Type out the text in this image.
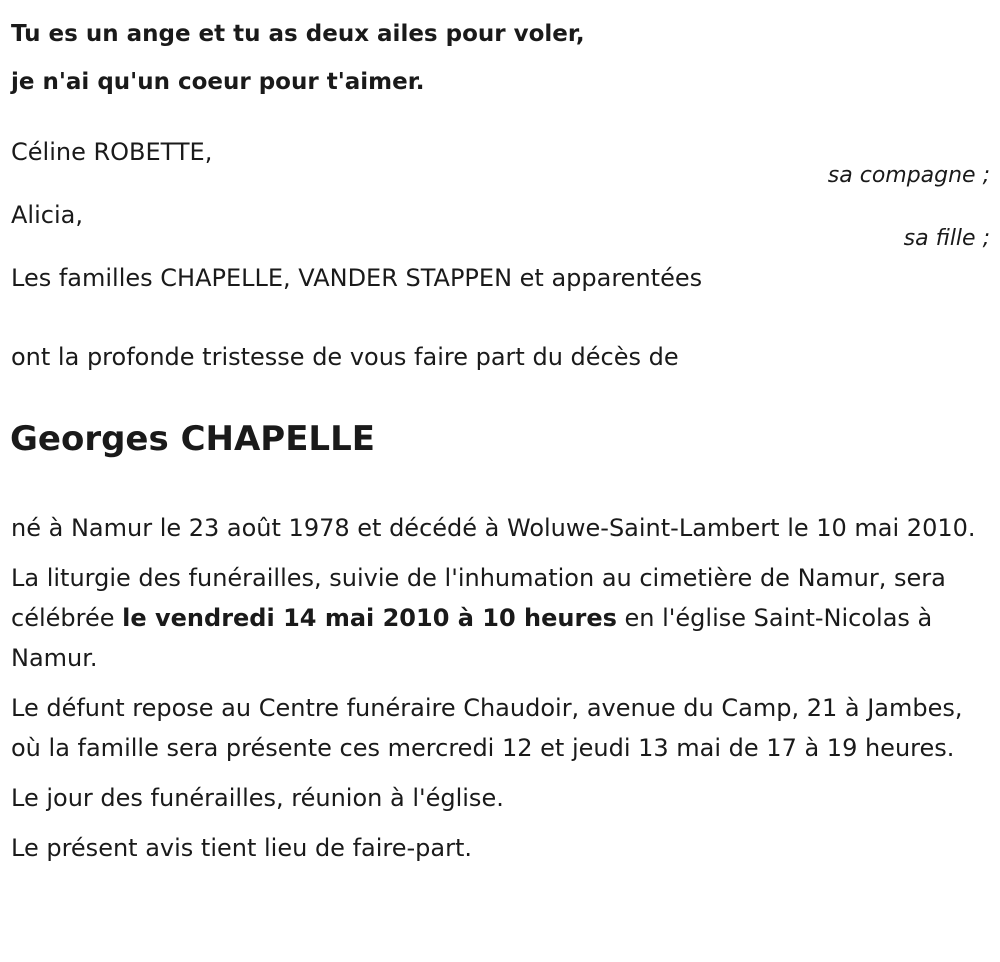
Tu es un ange et tu as deux ailes pour voler,
je n'ai qu'un coeur pour t'aimer.
Céline ROBETTE,
sa compagne ;
Alicia,
sa fille ;
Les familles CHAPELLE, VANDER STAPPEN et apparentées
ont la profonde tristesse de vous faire part du décès de
Georges CHAPELLE

né à Namur le 23 août 1978 et décédé à Woluwe-Saint-Lambert le 10 mai 2010.

La liturgie des funérailles, suivie de l'inhumation au cimetière de Namur, sera célébrée le vendredi 14 mai 2010 à 10 heures en l'église Saint-Nicolas à Namur.

Le défunt repose au Centre funéraire Chaudoir, avenue du Camp, 21 à Jambes, où la famille sera présente ces mercredi 12 et jeudi 13 mai de 17 à 19 heures.

Le jour des funérailles, réunion à l'église.

Le présent avis tient lieu de faire-part.
